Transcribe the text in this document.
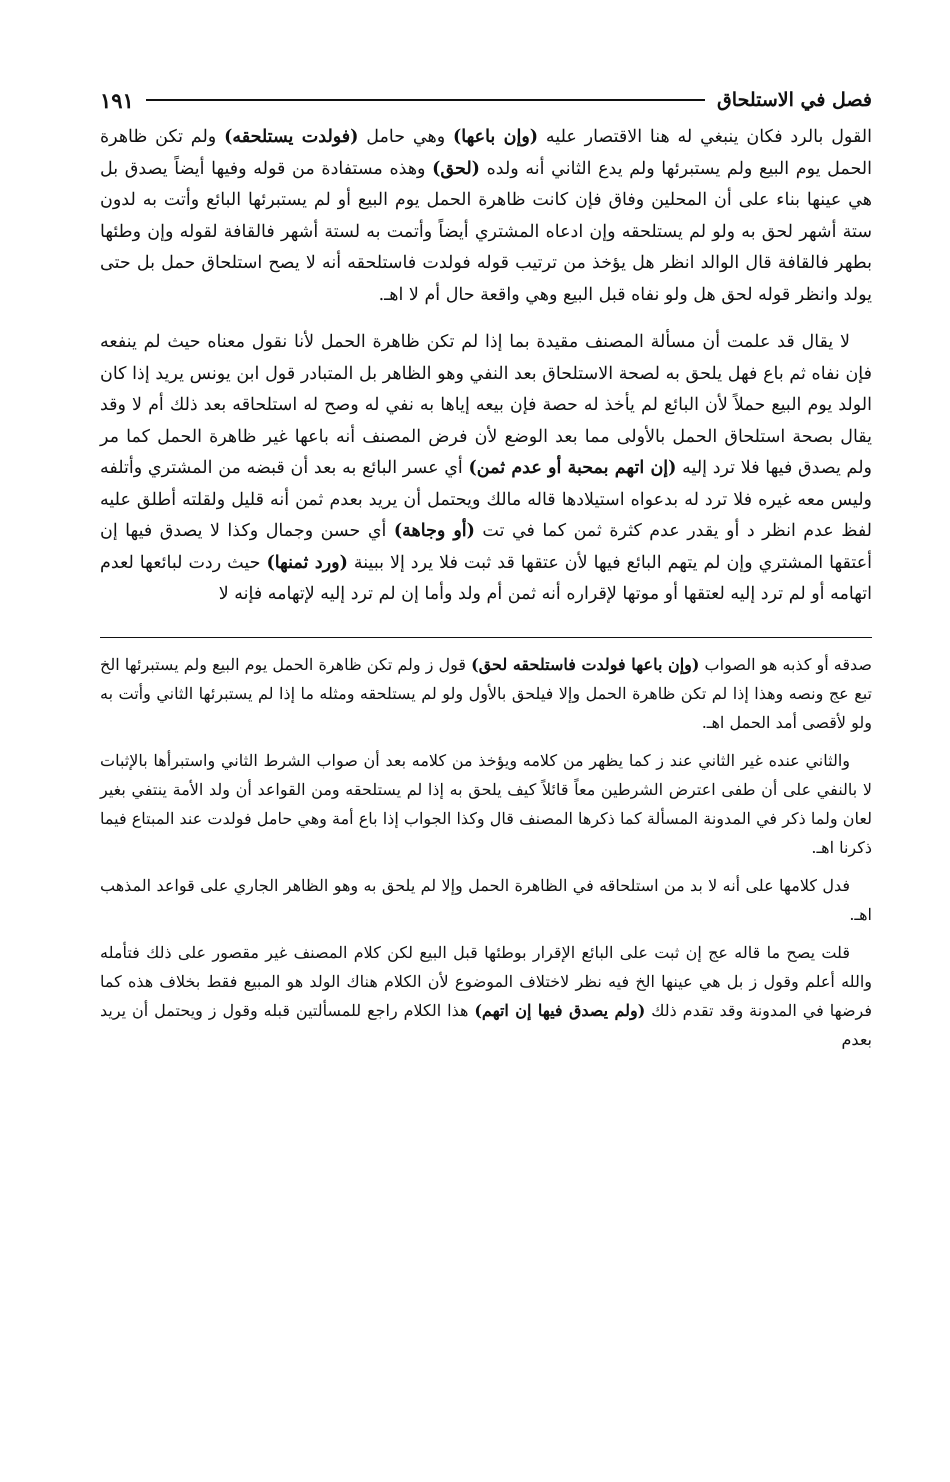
فصل في الاستلحاق
١٩١

القول بالرد فكان ينبغي له هنا الاقتصار عليه (وإن باعها) وهي حامل (فولدت يستلحقه) ولم تكن ظاهرة الحمل يوم البيع ولم يستبرئها ولم يدع الثاني أنه ولده (لحق) وهذه مستفادة من قوله وفيها أيضاً يصدق بل هي عينها بناء على أن المحلين وفاق فإن كانت ظاهرة الحمل يوم البيع أو لم يستبرئها البائع وأتت به لدون ستة أشهر لحق به ولو لم يستلحقه وإن ادعاه المشتري أيضاً وأتمت به لستة أشهر فالقافة لقوله وإن وطئها بطهر فالقافة قال الوالد انظر هل يؤخذ من ترتيب قوله فولدت فاستلحقه أنه لا يصح استلحاق حمل بل حتى يولد وانظر قوله لحق هل ولو نفاه قبل البيع وهي واقعة حال أم لا اهـ.

لا يقال قد علمت أن مسألة المصنف مقيدة بما إذا لم تكن ظاهرة الحمل لأنا نقول معناه حيث لم ينفعه فإن نفاه ثم باع فهل يلحق به لصحة الاستلحاق بعد النفي وهو الظاهر بل المتبادر قول ابن يونس يريد إذا كان الولد يوم البيع حملاً لأن البائع لم يأخذ له حصة فإن بيعه إياها به نفي له وصح له استلحاقه بعد ذلك أم لا وقد يقال بصحة استلحاق الحمل بالأولى مما بعد الوضع لأن فرض المصنف أنه باعها غير ظاهرة الحمل كما مر ولم يصدق فيها فلا ترد إليه (إن اتهم بمحبة أو عدم ثمن) أي عسر البائع به بعد أن قبضه من المشتري وأتلفه وليس معه غيره فلا ترد له بدعواه استيلادها قاله مالك ويحتمل أن يريد بعدم ثمن أنه قليل ولقلته أطلق عليه لفظ عدم انظر د أو يقدر عدم كثرة ثمن كما في تت (أو وجاهة) أي حسن وجمال وكذا لا يصدق فيها إن أعتقها المشتري وإن لم يتهم البائع فيها لأن عتقها قد ثبت فلا يرد إلا ببينة (ورد ثمنها) حيث ردت لبائعها لعدم اتهامه أو لم ترد إليه لعتقها أو موتها لإقراره أنه ثمن أم ولد وأما إن لم ترد إليه لإتهامه فإنه لا

صدقه أو كذبه هو الصواب (وإن باعها فولدت فاستلحقه لحق) قول ز ولم تكن ظاهرة الحمل يوم البيع ولم يستبرئها الخ تبع عج ونصه وهذا إذا لم تكن ظاهرة الحمل وإلا فيلحق بالأول ولو لم يستلحقه ومثله ما إذا لم يستبرئها الثاني وأتت به ولو لأقصى أمد الحمل اهـ.

والثاني عنده غير الثاني عند ز كما يظهر من كلامه ويؤخذ من كلامه بعد أن صواب الشرط الثاني واستبرأها بالإثبات لا بالنفي على أن طفى اعترض الشرطين معاً قائلاً كيف يلحق به إذا لم يستلحقه ومن القواعد أن ولد الأمة ينتفي بغير لعان ولما ذكر في المدونة المسألة كما ذكرها المصنف قال وكذا الجواب إذا باع أمة وهي حامل فولدت عند المبتاع فيما ذكرنا اهـ.

فدل كلامها على أنه لا بد من استلحاقه في الظاهرة الحمل وإلا لم يلحق به وهو الظاهر الجاري على قواعد المذهب اهـ.

قلت يصح ما قاله عج إن ثبت على البائع الإقرار بوطئها قبل البيع لكن كلام المصنف غير مقصور على ذلك فتأمله والله أعلم وقول ز بل هي عينها الخ فيه نظر لاختلاف الموضوع لأن الكلام هناك الولد هو المبيع فقط بخلاف هذه كما فرضها في المدونة وقد تقدم ذلك (ولم يصدق فيها إن اتهم) هذا الكلام راجع للمسألتين قبله وقول ز ويحتمل أن يريد بعدم
